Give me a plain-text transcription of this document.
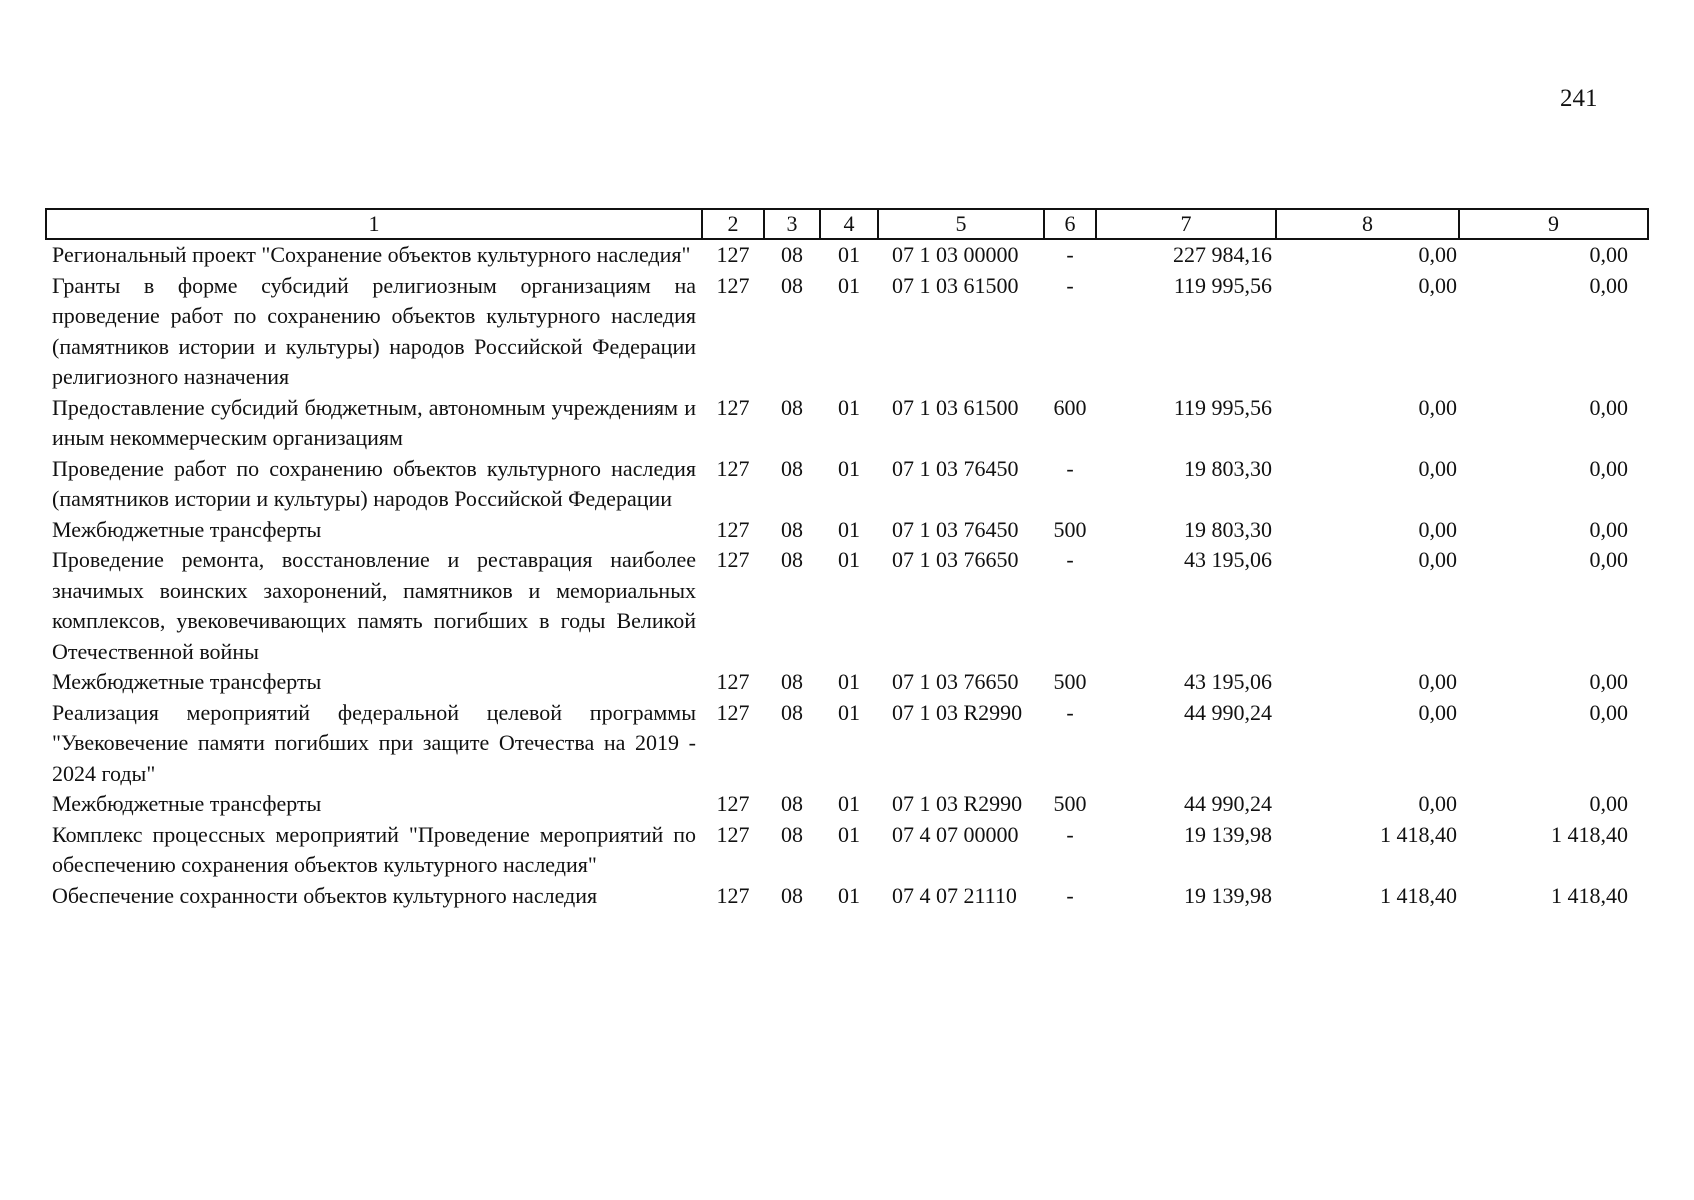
241
1	2	3	4	5	6	7	8	9
Региональный проект "Сохранение объектов культурного наследия"	127	08	01	07 1 03 00000	-	227 984,16	0,00	0,00
Гранты в форме субсидий религиозным организациям на проведение работ по сохранению объектов культурного наследия (памятников истории и культуры) народов Российской Федерации религиозного назначения	127	08	01	07 1 03 61500	-	119 995,56	0,00	0,00
Предоставление субсидий бюджетным, автономным учреждениям и иным некоммерческим организациям	127	08	01	07 1 03 61500	600	119 995,56	0,00	0,00
Проведение работ по сохранению объектов культурного наследия (памятников истории и культуры) народов Российской Федерации	127	08	01	07 1 03 76450	-	19 803,30	0,00	0,00
Межбюджетные трансферты	127	08	01	07 1 03 76450	500	19 803,30	0,00	0,00
Проведение ремонта, восстановление и реставрация наиболее значимых воинских захоронений, памятников и мемориальных комплексов, увековечивающих память погибших в годы Великой Отечественной войны	127	08	01	07 1 03 76650	-	43 195,06	0,00	0,00
Межбюджетные трансферты	127	08	01	07 1 03 76650	500	43 195,06	0,00	0,00
Реализация мероприятий федеральной целевой программы "Увековечение памяти погибших при защите Отечества на 2019 - 2024 годы"	127	08	01	07 1 03 R2990	-	44 990,24	0,00	0,00
Межбюджетные трансферты	127	08	01	07 1 03 R2990	500	44 990,24	0,00	0,00
Комплекс процессных мероприятий "Проведение мероприятий по обеспечению сохранения объектов культурного наследия"	127	08	01	07 4 07 00000	-	19 139,98	1 418,40	1 418,40
Обеспечение сохранности объектов культурного наследия	127	08	01	07 4 07 21110	-	19 139,98	1 418,40	1 418,40
